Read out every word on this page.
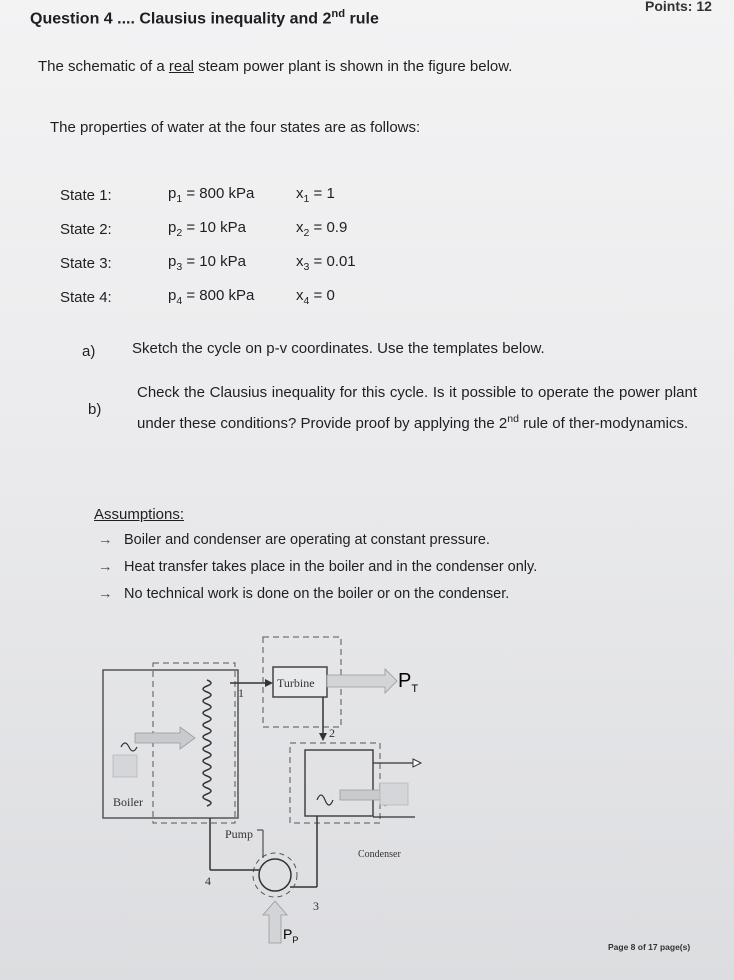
Question 4 .... Clausius inequality and 2nd rule
Points: 12
The schematic of a real steam power plant is shown in the figure below.
The properties of water at the four states are as follows:
State 1:	$p_1 = 800$ kPa	$x_1 = 1$
State 2:	$p_2 = 10$ kPa	$x_2 = 0.9$
State 3:	$p_3 = 10$ kPa	$x_3 = 0.01$
State 4:	$p_4 = 800$ kPa	$x_4 = 0$
a) Sketch the cycle on p-v coordinates. Use the templates below.
b)
Check the Clausius inequality for this cycle. Is it possible to operate the power plant under these conditions? Provide proof by applying the 2nd rule of ther-modynamics.
Assumptions:
→ Boiler and condenser are operating at constant pressure.
→ Heat transfer takes place in the boiler and in the condenser only.
→ No technical work is done on the boiler or on the condenser.
Boiler
1
Turbine	$P_T$
2
Condenser
3
Pump
4
$P_P$
Page 8 of 17 page(s)
